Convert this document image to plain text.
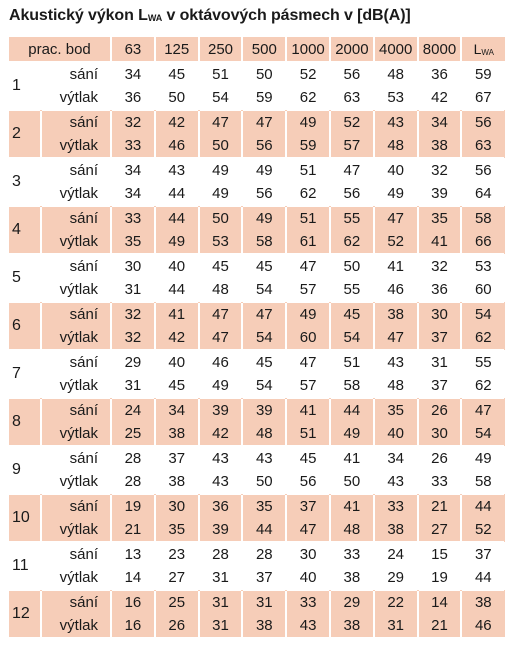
Akustický výkon $L_{WA}$ v oktávových pásmech v [dB(A)]
prac. bod		63	125	250	500	1000	2000	4000	8000	$L_{WA}$
1	sání	34	45	51	50	52	56	48	36	59
	výtlak	36	50	54	59	62	63	53	42	67
2	sání	32	42	47	47	49	52	43	34	56
	výtlak	33	46	50	56	59	57	48	38	63
3	sání	34	43	49	49	51	47	40	32	56
	výtlak	34	44	49	56	62	56	49	39	64
4	sání	33	44	50	49	51	55	47	35	58
	výtlak	35	49	53	58	61	62	52	41	66
5	sání	30	40	45	45	47	50	41	32	53
	výtlak	31	44	48	54	57	55	46	36	60
6	sání	32	41	47	47	49	45	38	30	54
	výtlak	32	42	47	54	60	54	47	37	62
7	sání	29	40	46	45	47	51	43	31	55
	výtlak	31	45	49	54	57	58	48	37	62
8	sání	24	34	39	39	41	44	35	26	47
	výtlak	25	38	42	48	51	49	40	30	54
9	sání	28	37	43	43	45	41	34	26	49
	výtlak	28	38	43	50	56	50	43	33	58
10	sání	19	30	36	35	37	41	33	21	44
	výtlak	21	35	39	44	47	48	38	27	52
11	sání	13	23	28	28	30	33	24	15	37
	výtlak	14	27	31	37	40	38	29	19	44
12	sání	16	25	31	31	33	29	22	14	38
	výtlak	16	26	31	38	43	38	31	21	46
